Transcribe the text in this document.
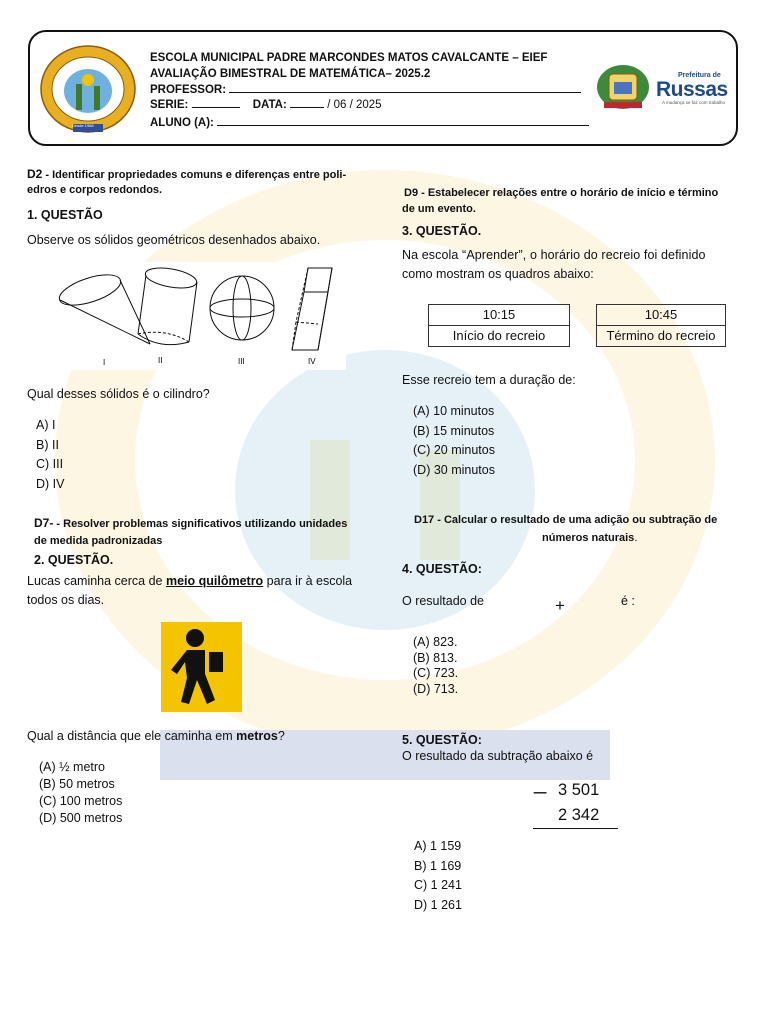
Desde 1968
ESCOLA MUNICIPAL PADRE MARCONDES MATOS CAVALCANTE – EIEF
AVALIAÇÃO BIMESTRAL DE MATEMÁTICA– 2025.2
PROFESSOR:
SERIE:	DATA:	/ 06 / 2025
ALUNO (A):
Prefeitura de
Russas
A mudança se faz com trabalho
D2 - Identificar propriedades comuns e diferenças entre poli-
edros e corpos redondos.
1. QUESTÃO
Observe os sólidos geométricos desenhados abaixo.
I	II	III	IV
Qual desses sólidos é o cilindro?
A) I
B) II
C) III
D) IV
D7- - Resolver problemas significativos utilizando unidades
de medida padronizadas
2. QUESTÃO.
Lucas caminha cerca de meio quilômetro para ir à escola
todos os dias.
Qual a distância que ele caminha em metros?
(A) ½ metro
(B) 50 metros
(C) 100 metros
(D) 500 metros
D9 - Estabelecer relações entre o horário de início e término
de um evento.
3. QUESTÃO.
Na escola “Aprender”, o horário do recreio foi definido
como mostram os quadros abaixo:
10:15
Início do recreio
10:45
Término do recreio
Esse recreio tem a duração de:
(A) 10 minutos
(B) 15 minutos
(C) 20 minutos
(D) 30 minutos
D17 - Calcular o resultado de uma adição ou subtração de
números naturais.
4. QUESTÃO:
O resultado de	+	é :
(A) 823.
(B) 813.
(C) 723.
(D) 713.
5. QUESTÃO:
O resultado da subtração abaixo é
_ 3 501
2 342
A) 1 159
B) 1 169
C) 1 241
D) 1 261
